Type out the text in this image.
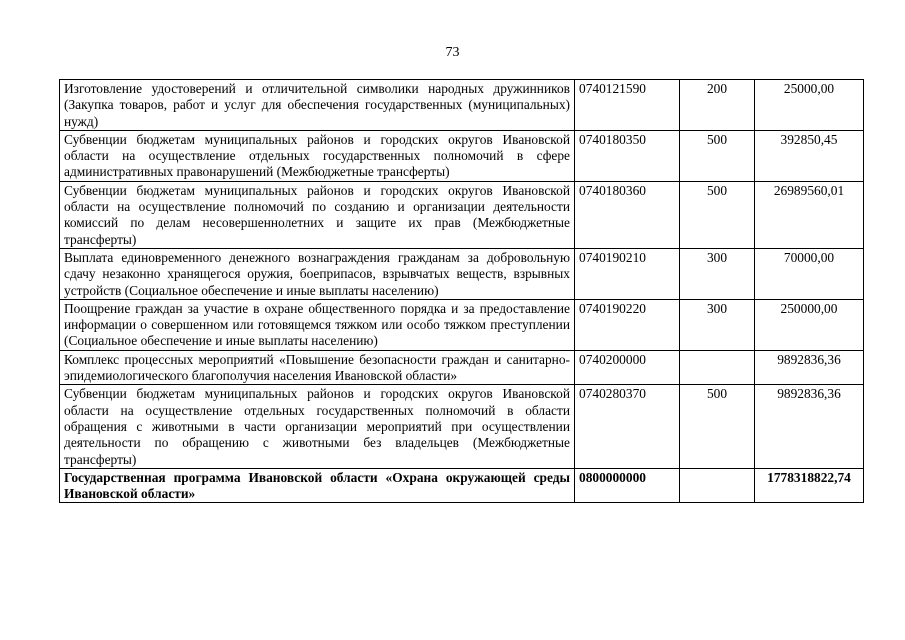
73
Изготовление удостоверений и отличительной символики народных дружинников (Закупка товаров, работ и услуг для обеспечения государственных (муниципальных) нужд)	0740121590	200	25000,00
Субвенции бюджетам муниципальных районов и городских округов Ивановской области на осуществление отдельных государственных полномочий в сфере административных правонарушений (Межбюджетные трансферты)	0740180350	500	392850,45
Субвенции бюджетам муниципальных районов и городских округов Ивановской области на осуществление полномочий по созданию и организации деятельности комиссий по делам несовершеннолетних и защите их прав (Межбюджетные трансферты)	0740180360	500	26989560,01
Выплата единовременного денежного вознаграждения гражданам за добровольную сдачу незаконно хранящегося оружия, боеприпасов, взрывчатых веществ, взрывных устройств (Социальное обеспечение и иные выплаты населению)	0740190210	300	70000,00
Поощрение граждан за участие в охране общественного порядка и за предоставление информации о совершенном или готовящемся тяжком или особо тяжком преступлении (Социальное обеспечение и иные выплаты населению)	0740190220	300	250000,00
Комплекс процессных мероприятий «Повышение безопасности граждан и санитарно-эпидемиологического благополучия населения Ивановской области»	0740200000		9892836,36
Субвенции бюджетам муниципальных районов и городских округов Ивановской области на осуществление отдельных государственных полномочий в области обращения с животными в части организации мероприятий при осуществлении деятельности по обращению с животными без владельцев (Межбюджетные трансферты)	0740280370	500	9892836,36
Государственная программа Ивановской области «Охрана окружающей среды Ивановской области»	0800000000		1778318822,74
